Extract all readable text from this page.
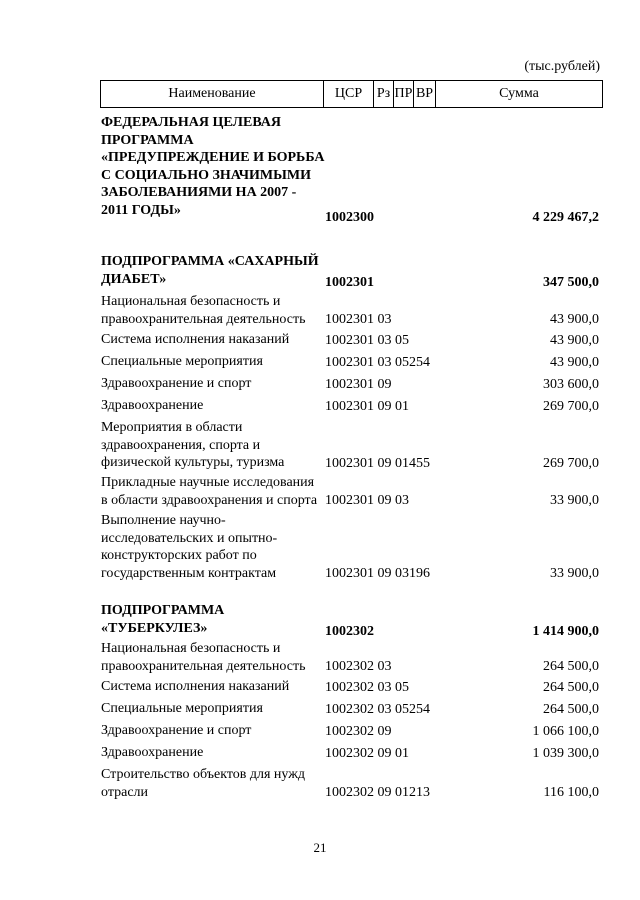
(тыс.рублей)
Наименование	ЦСР	Рз ПР ВР	Сумма
ФЕДЕРАЛЬНАЯ ЦЕЛЕВАЯ ПРОГРАММА «ПРЕДУПРЕЖДЕНИЕ И БОРЬБА С СОЦИАЛЬНО ЗНАЧИМЫМИ ЗАБОЛЕВАНИЯМИ НА 2007 - 2011 ГОДЫ»	1002300	4 229 467,2
ПОДПРОГРАММА «САХАРНЫЙ ДИАБЕТ»	1002301	347 500,0
Национальная безопасность и правоохранительная деятельность	1002301 03	43 900,0
Система исполнения наказаний	1002301 03 05	43 900,0
Специальные мероприятия	1002301 03 05254	43 900,0
Здравоохранение и спорт	1002301 09	303 600,0
Здравоохранение	1002301 09 01	269 700,0
Мероприятия в области здравоохранения, спорта и физической культуры, туризма	1002301 09 01455	269 700,0
Прикладные научные исследования в области здравоохранения и спорта 1002301 09 03	33 900,0
Выполнение научно-исследовательских и опытно-конструкторских работ по государственным контрактам	1002301 09 03196	33 900,0
ПОДПРОГРАММА «ТУБЕРКУЛЕЗ»	1002302	1 414 900,0
Национальная безопасность и правоохранительная деятельность	1002302 03	264 500,0
Система исполнения наказаний	1002302 03 05	264 500,0
Специальные мероприятия	1002302 03 05254	264 500,0
Здравоохранение и спорт	1002302 09	1 066 100,0
Здравоохранение	1002302 09 01	1 039 300,0
Строительство объектов для нужд отрасли	1002302 09 01213	116 100,0
21
